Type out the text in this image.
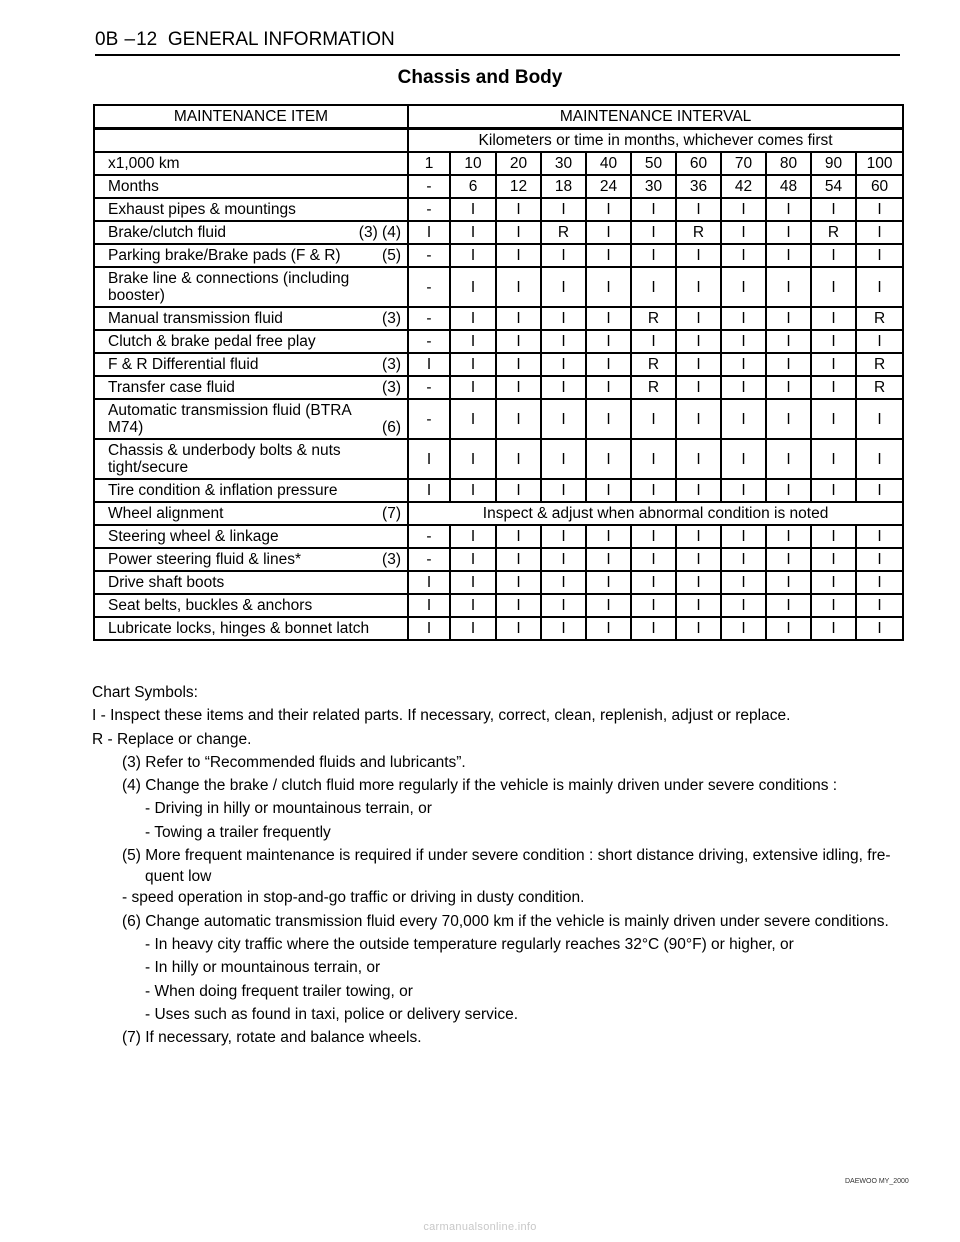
0B –12 GENERAL INFORMATION
Chassis and Body
MAINTENANCE ITEM	MAINTENANCE INTERVAL										
	Kilometers or time in months, whichever comes first										
x1,000 km	1	10	20	30	40	50	60	70	80	90	100
Months	-	6	12	18	24	30	36	42	48	54	60

Exhaust pipes & mountings	-	I	I	I	I	I	I	I	I	I	I

Brake/clutch fluid (3) (4)	I	I	I	R	I	I	R	I	I	R	I

Parking brake/Brake pads (F & R) (5)	-	I	I	I	I	I	I	I	I	I	I

Brake line & connections (including booster)	-	I	I	I	I	I	I	I	I	I	I

Manual transmission fluid (3)	-	I	I	I	I	R	I	I	I	I	R

Clutch & brake pedal free play	-	I	I	I	I	I	I	I	I	I	I

F & R Differential fluid (3)	I	I	I	I	I	R	I	I	I	I	R

Transfer case fluid (3)	-	I	I	I	I	R	I	I	I	I	R

Automatic transmission fluid (BTRA M74) (6)	-	I	I	I	I	I	I	I	I	I	I

Chassis & underbody bolts & nuts tight/secure	I	I	I	I	I	I	I	I	I	I	I

Tire condition & inflation pressure	I	I	I	I	I	I	I	I	I	I	I

Wheel alignment (7)	Inspect & adjust when abnormal condition is noted										

Steering wheel & linkage	-	I	I	I	I	I	I	I	I	I	I

Power steering fluid & lines* (3)	-	I	I	I	I	I	I	I	I	I	I

Drive shaft boots	I	I	I	I	I	I	I	I	I	I	I

Seat belts, buckles & anchors	I	I	I	I	I	I	I	I	I	I	I

Lubricate locks, hinges & bonnet latch	I	I	I	I	I	I	I	I	I	I	I
Chart Symbols:
I - Inspect these items and their related parts. If necessary, correct, clean, replenish, adjust or replace.
R - Replace or change.
(3) Refer to “Recommended fluids and lubricants”.
(4) Change the brake / clutch fluid more regularly if the vehicle is mainly driven under severe conditions :
- Driving in hilly or mountainous terrain, or
- Towing a trailer frequently
(5) More frequent maintenance is required if under severe condition : short distance driving, extensive idling, fre-
quent low
- speed operation in stop-and-go traffic or driving in dusty condition.
(6) Change automatic transmission fluid every 70,000 km if the vehicle is mainly driven under severe conditions.
- In heavy city traffic where the outside temperature regularly reaches 32°C (90°F) or higher, or
- In hilly or mountainous terrain, or
- When doing frequent trailer towing, or
- Uses such as found in taxi, police or delivery service.
(7) If necessary, rotate and balance wheels.
DAEWOO MY_2000
carmanualsonline.info
